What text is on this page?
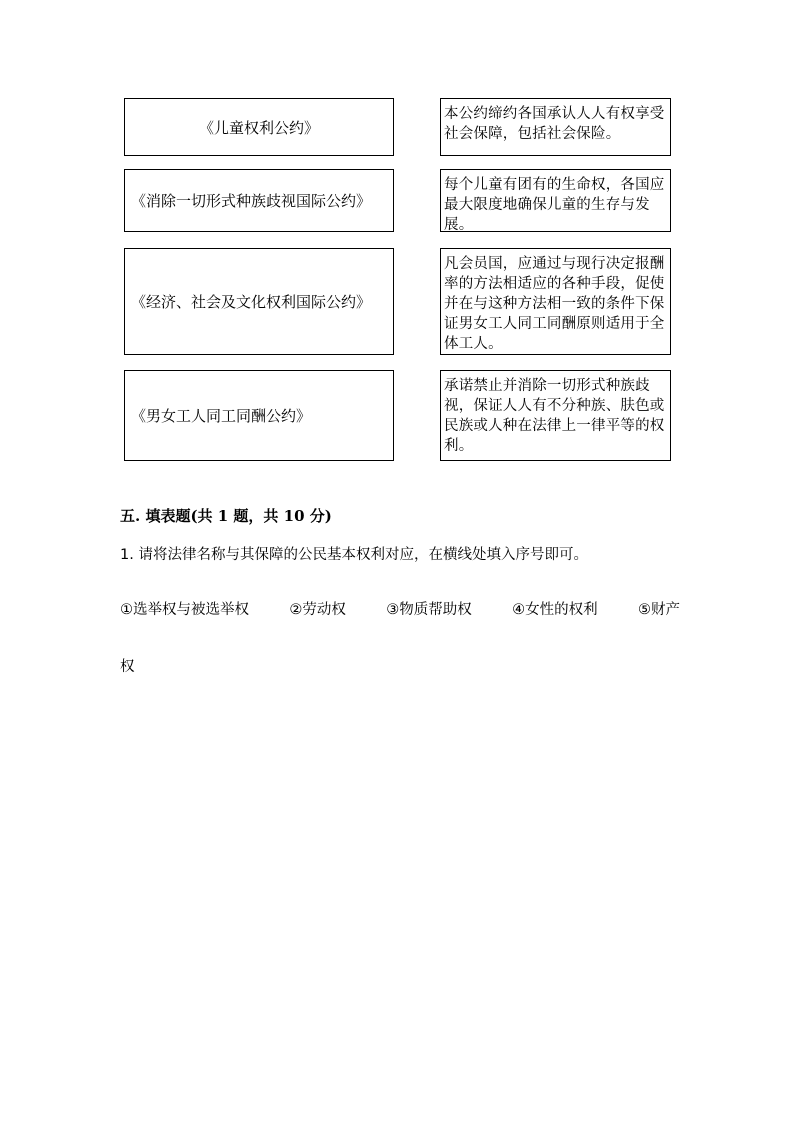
《儿童权利公约》
本公约缔约各国承认人人有权享受社会保障，包括社会保险。
《消除一切形式种族歧视国际公约》
每个儿童有团有的生命权，各国应最大限度地确保儿童的生存与发展。
《经济、社会及文化权利国际公约》
凡会员国，应通过与现行决定报酬率的方法相适应的各种手段，促使并在与这种方法相一致的条件下保证男女工人同工同酬原则适用于全体工人。
《男女工人同工同酬公约》
承诺禁止并消除一切形式种族歧视，保证人人有不分种族、肤色或民族或人种在法律上一律平等的权利。
五. 填表题(共 1 题，共 10 分)
1. 请将法律名称与其保障的公民基本权利对应，在横线处填入序号即可。
①选举权与被选举权	②劳动权	③物质帮助权	④女性的权利	⑤财产
权
